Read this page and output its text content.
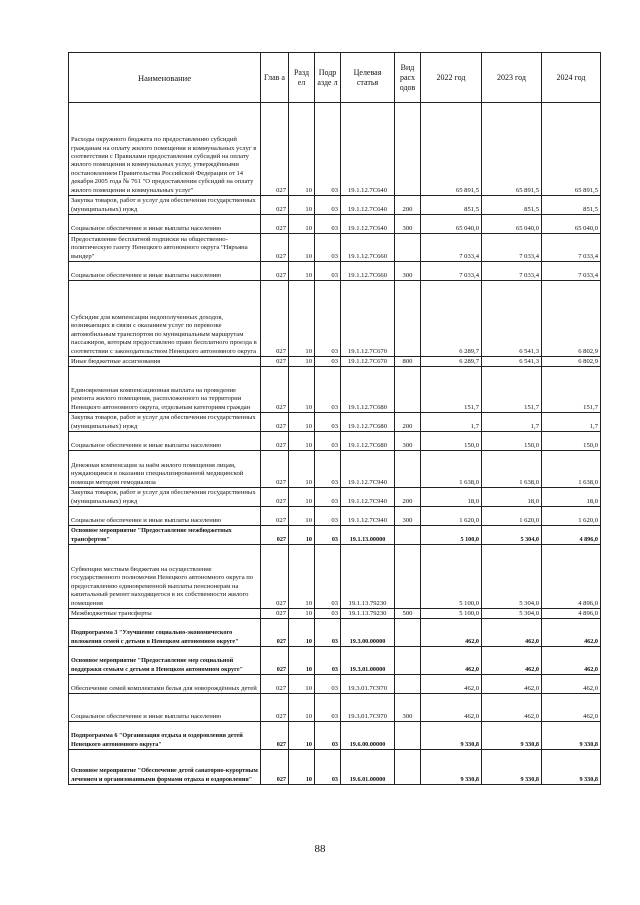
Наименование	Глав а	Разд ел	Подр азде л	Целевая статья	Вид расх одов	2022 год	2023 год	2024 год
Расходы окружного бюджета по предоставлению субсидий гражданам на оплату жилого помещения и коммунальных услуг в соответствии с Правилами предоставления субсидий на оплату жилого помещения и коммунальных услуг, утверждёнными постановлением Правительства Российской Федерации от 14 декабря 2005 года № 761 "О предоставлении субсидий на оплату жилого помещения и коммунальных услуг"	027	10	03	19.1.12.7С640		65 891,5	65 891,5	65 891,5
Закупка товаров, работ и услуг для обеспечения государственных (муниципальных) нужд	027	10	03	19.1.12.7С640	200	851,5	851,5	851,5
Социальное обеспечение и иные выплаты населению	027	10	03	19.1.12.7С640	300	65 040,0	65 040,0	65 040,0
Предоставление бесплатной подписки на общественно-политическую газету Ненецкого автономного округа "Няръяна вындер"	027	10	03	19.1.12.7С660		7 033,4	7 033,4	7 033,4
Социальное обеспечение и иные выплаты населению	027	10	03	19.1.12.7С660	300	7 033,4	7 033,4	7 033,4
Субсидии для компенсации недополученных доходов, возникающих в связи с оказанием услуг по перевозке автомобильным транспортом по муниципальным маршрутам пассажиров, которым предоставлено право бесплатного проезда в соответствии с законодательством Ненецкого автономного округа	027	10	03	19.1.12.7С670		6 289,7	6 541,3	6 802,9
Иные бюджетные ассигнования	027	10	03	19.1.12.7С670	800	6 289,7	6 541,3	6 802,9
Единовременная компенсационная выплата на проведение ремонта жилого помещения, расположенного на территории Ненецкого автономного округа, отдельным категориям граждан	027	10	03	19.1.12.7С680		151,7	151,7	151,7
Закупка товаров, работ и услуг для обеспечения государственных (муниципальных) нужд	027	10	03	19.1.12.7С680	200	1,7	1,7	1,7
Социальное обеспечение и иные выплаты населению	027	10	03	19.1.12.7С680	300	150,0	150,0	150,0
Денежная компенсация за наём жилого помещения лицам, нуждающимся в оказании специализированной медицинской помощи методом гемодиализа	027	10	03	19.1.12.7С940		1 638,0	1 638,0	1 638,0
Закупка товаров, работ и услуг для обеспечения государственных (муниципальных) нужд	027	10	03	19.1.12.7С940	200	18,0	18,0	18,0
Социальное обеспечение и иные выплаты населению	027	10	03	19.1.12.7С940	300	1 620,0	1 620,0	1 620,0
Основное мероприятие "Предоставление межбюджетных трансфертов"	027	10	03	19.1.13.00000		5 100,0	5 304,0	4 896,0
Субвенции местным бюджетам на осуществление государственного полномочия Ненецкого автономного округа по предоставлению единовременной выплаты пенсионерам на капитальный ремонт находящегося в их собственности жилого помещения	027	10	03	19.1.13.79230		5 100,0	5 304,0	4 896,0
Межбюджетные трансферты	027	10	03	19.1.13.79230	500	5 100,0	5 304,0	4 896,0
Подпрограмма 3 "Улучшение социально-экономического положения семей с детьми в Ненецком автономном округе"	027	10	03	19.3.00.00000		462,0	462,0	462,0
Основное мероприятие "Предоставление мер социальной поддержки семьям с детьми в Ненецком автономном округе"	027	10	03	19.3.01.00000		462,0	462,0	462,0
Обеспечение семей комплектами белья для новорождённых детей	027	10	03	19.3.01.7С970		462,0	462,0	462,0
Социальное обеспечение и иные выплаты населению	027	10	03	19.3.01.7С970	300	462,0	462,0	462,0
Подпрограмма 6 "Организация отдыха и оздоровления детей Ненецкого автономного округа"	027	10	03	19.6.00.00000		9 330,8	9 330,8	9 330,8
Основное мероприятие "Обеспечение детей санаторно-курортным лечением и организованными формами отдыха и оздоровления"	027	10	03	19.6.01.00000		9 330,8	9 330,8	9 330,8
88
